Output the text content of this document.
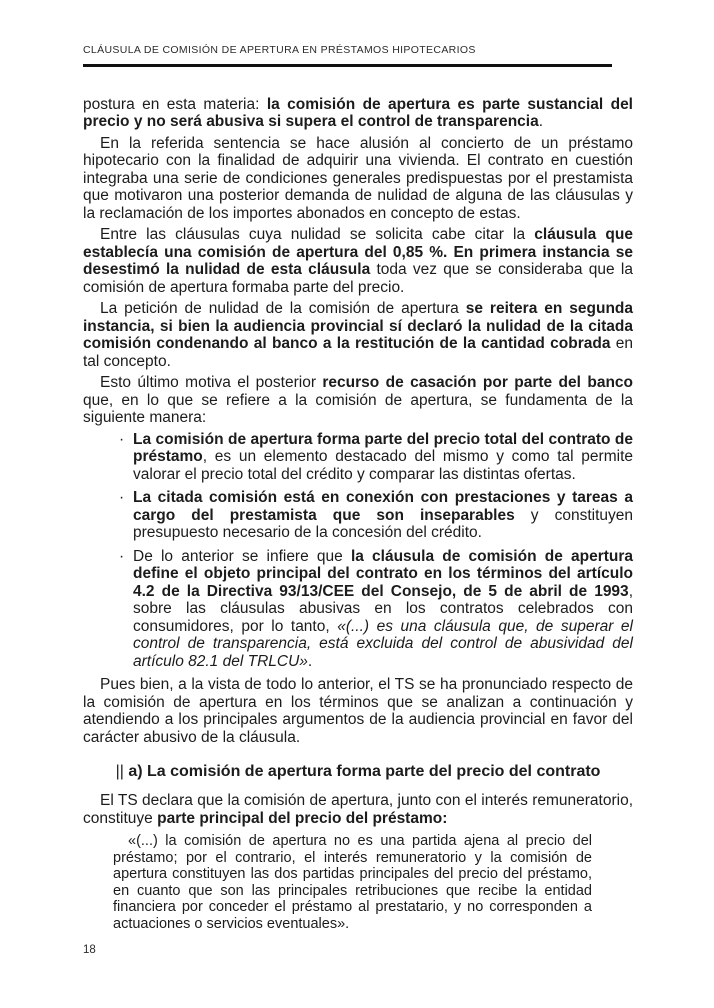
CLÁUSULA DE COMISIÓN DE APERTURA EN PRÉSTAMOS HIPOTECARIOS

postura en esta materia: la comisión de apertura es parte sustancial del precio y no será abusiva si supera el control de transparencia.

En la referida sentencia se hace alusión al concierto de un préstamo hipotecario con la finalidad de adquirir una vivienda. El contrato en cuestión integraba una serie de condiciones generales predispuestas por el prestamista que motivaron una posterior demanda de nulidad de alguna de las cláusulas y la reclamación de los importes abonados en concepto de estas.

Entre las cláusulas cuya nulidad se solicita cabe citar la cláusula que establecía una comisión de apertura del 0,85 %. En primera instancia se desestimó la nulidad de esta cláusula toda vez que se consideraba que la comisión de apertura formaba parte del precio.

La petición de nulidad de la comisión de apertura se reitera en segunda instancia, si bien la audiencia provincial sí declaró la nulidad de la citada comisión condenando al banco a la restitución de la cantidad cobrada en tal concepto.

Esto último motiva el posterior recurso de casación por parte del banco que, en lo que se refiere a la comisión de apertura, se fundamenta de la siguiente manera:

· La comisión de apertura forma parte del precio total del contrato de préstamo, es un elemento destacado del mismo y como tal permite valorar el precio total del crédito y comparar las distintas ofertas.
· La citada comisión está en conexión con prestaciones y tareas a cargo del prestamista que son inseparables y constituyen presupuesto necesario de la concesión del crédito.
· De lo anterior se infiere que la cláusula de comisión de apertura define el objeto principal del contrato en los términos del artículo 4.2 de la Directiva 93/13/CEE del Consejo, de 5 de abril de 1993, sobre las cláusulas abusivas en los contratos celebrados con consumidores, por lo tanto, «(...) es una cláusula que, de superar el control de transparencia, está excluida del control de abusividad del artículo 82.1 del TRLCU».

Pues bien, a la vista de todo lo anterior, el TS se ha pronunciado respecto de la comisión de apertura en los términos que se analizan a continuación y atendiendo a los principales argumentos de la audiencia provincial en favor del carácter abusivo de la cláusula.

|| a) La comisión de apertura forma parte del precio del contrato

El TS declara que la comisión de apertura, junto con el interés remuneratorio, constituye parte principal del precio del préstamo:

«(...) la comisión de apertura no es una partida ajena al precio del préstamo; por el contrario, el interés remuneratorio y la comisión de apertura constituyen las dos partidas principales del precio del préstamo, en cuanto que son las principales retribuciones que recibe la entidad financiera por conceder el préstamo al prestatario, y no corresponden a actuaciones o servicios eventuales».
18
